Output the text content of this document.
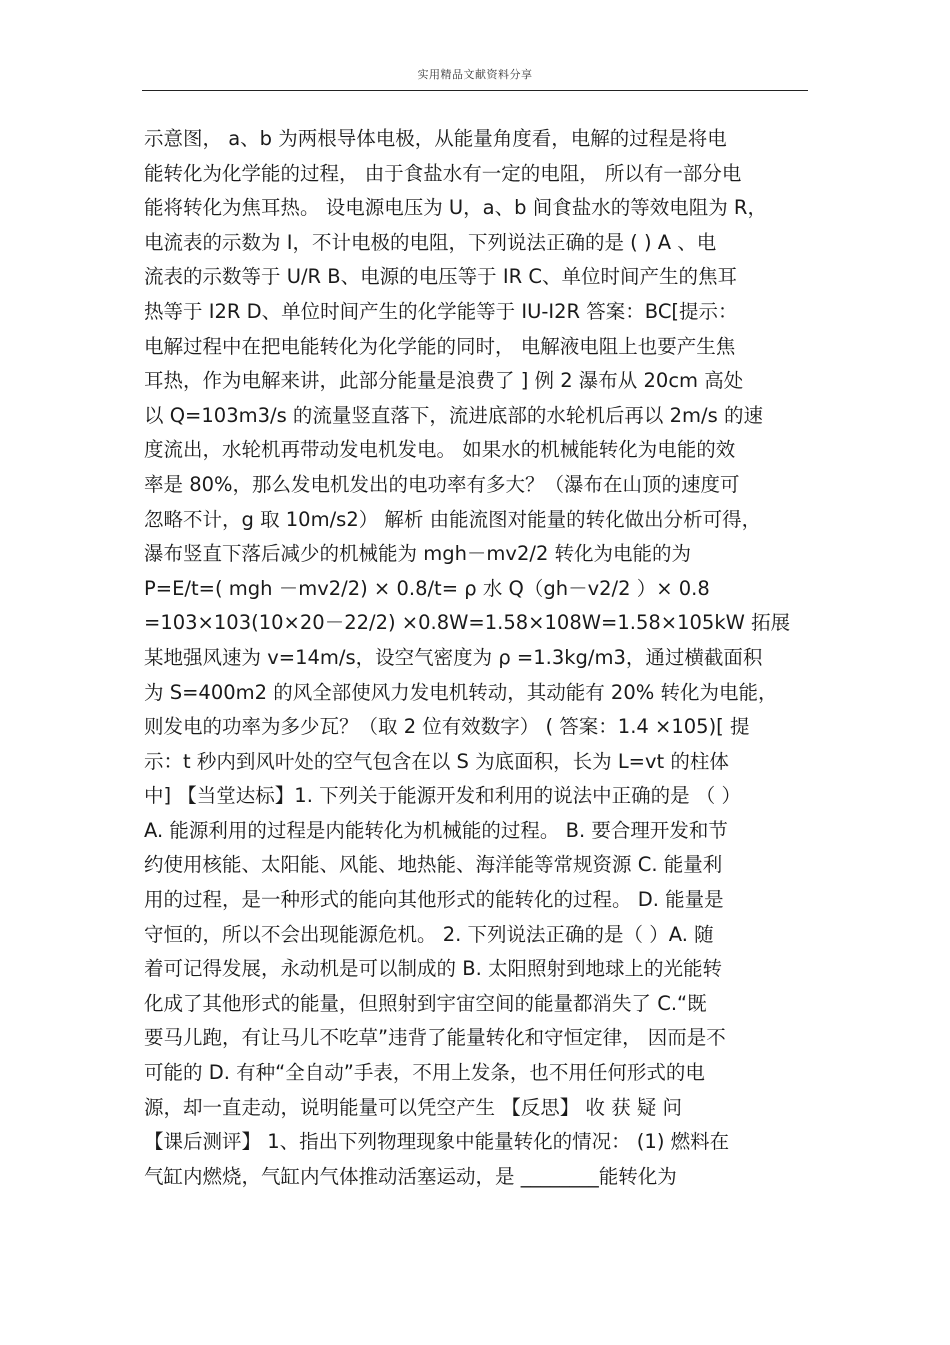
实用精品文献资料分享
示意图， a、b 为两根导体电极，从能量角度看，电解的过程是将电
能转化为化学能的过程， 由于食盐水有一定的电阻， 所以有一部分电
能将转化为焦耳热。 设电源电压为 U，a、b 间食盐水的等效电阻为 R，
电流表的示数为 I，不计电极的电阻，下列说法正确的是 ( ) A 、电
流表的示数等于 U/R B、电源的电压等于 IR C、单位时间产生的焦耳
热等于 I2R D、单位时间产生的化学能等于 IU-I2R 答案：BC[提示：
电解过程中在把电能转化为化学能的同时， 电解液电阻上也要产生焦
耳热，作为电解来讲，此部分能量是浪费了 ] 例 2 瀑布从 20cm 高处
以 Q=103m3/s 的流量竖直落下，流进底部的水轮机后再以 2m/s 的速
度流出，水轮机再带动发电机发电。 如果水的机械能转化为电能的效
率是 80%，那么发电机发出的电功率有多大？（瀑布在山顶的速度可
忽略不计，g 取 10m/s2） 解析 由能流图对能量的转化做出分析可得，
瀑布竖直下落后减少的机械能为 mgh－mv2/2 转化为电能的为
P=E/t=( mgh －mv2/2) × 0.8/t= ρ 水 Q（gh－v2/2 ）× 0.8
=103×103(10×20－22/2) ×0.8W=1.58×108W=1.58×105kW 拓展
某地强风速为 v=14m/s，设空气密度为 ρ =1.3kg/m3，通过横截面积
为 S=400m2 的风全部使风力发电机转动，其动能有 20% 转化为电能，
则发电的功率为多少瓦？（取 2 位有效数字） ( 答案：1.4 ×105)[ 提
示：t 秒内到风叶处的空气包含在以 S 为底面积，长为 L=vt 的柱体
中] 【当堂达标】1. 下列关于能源开发和利用的说法中正确的是 （ ）
A. 能源利用的过程是内能转化为机械能的过程。 B. 要合理开发和节
约使用核能、太阳能、风能、地热能、海洋能等常规资源 C. 能量利
用的过程，是一种形式的能向其他形式的能转化的过程。 D. 能量是
守恒的，所以不会出现能源危机。 2. 下列说法正确的是（ ）A. 随
着可记得发展，永动机是可以制成的 B. 太阳照射到地球上的光能转
化成了其他形式的能量，但照射到宇宙空间的能量都消失了 C.“既
要马儿跑，有让马儿不吃草”违背了能量转化和守恒定律， 因而是不
可能的 D. 有种“全自动”手表，不用上发条，也不用任何形式的电
源，却一直走动，说明能量可以凭空产生 【反思】 收 获 疑 问
【课后测评】 1、指出下列物理现象中能量转化的情况： (1) 燃料在
气缸内燃烧，气缸内气体推动活塞运动，是 ________能转化为
